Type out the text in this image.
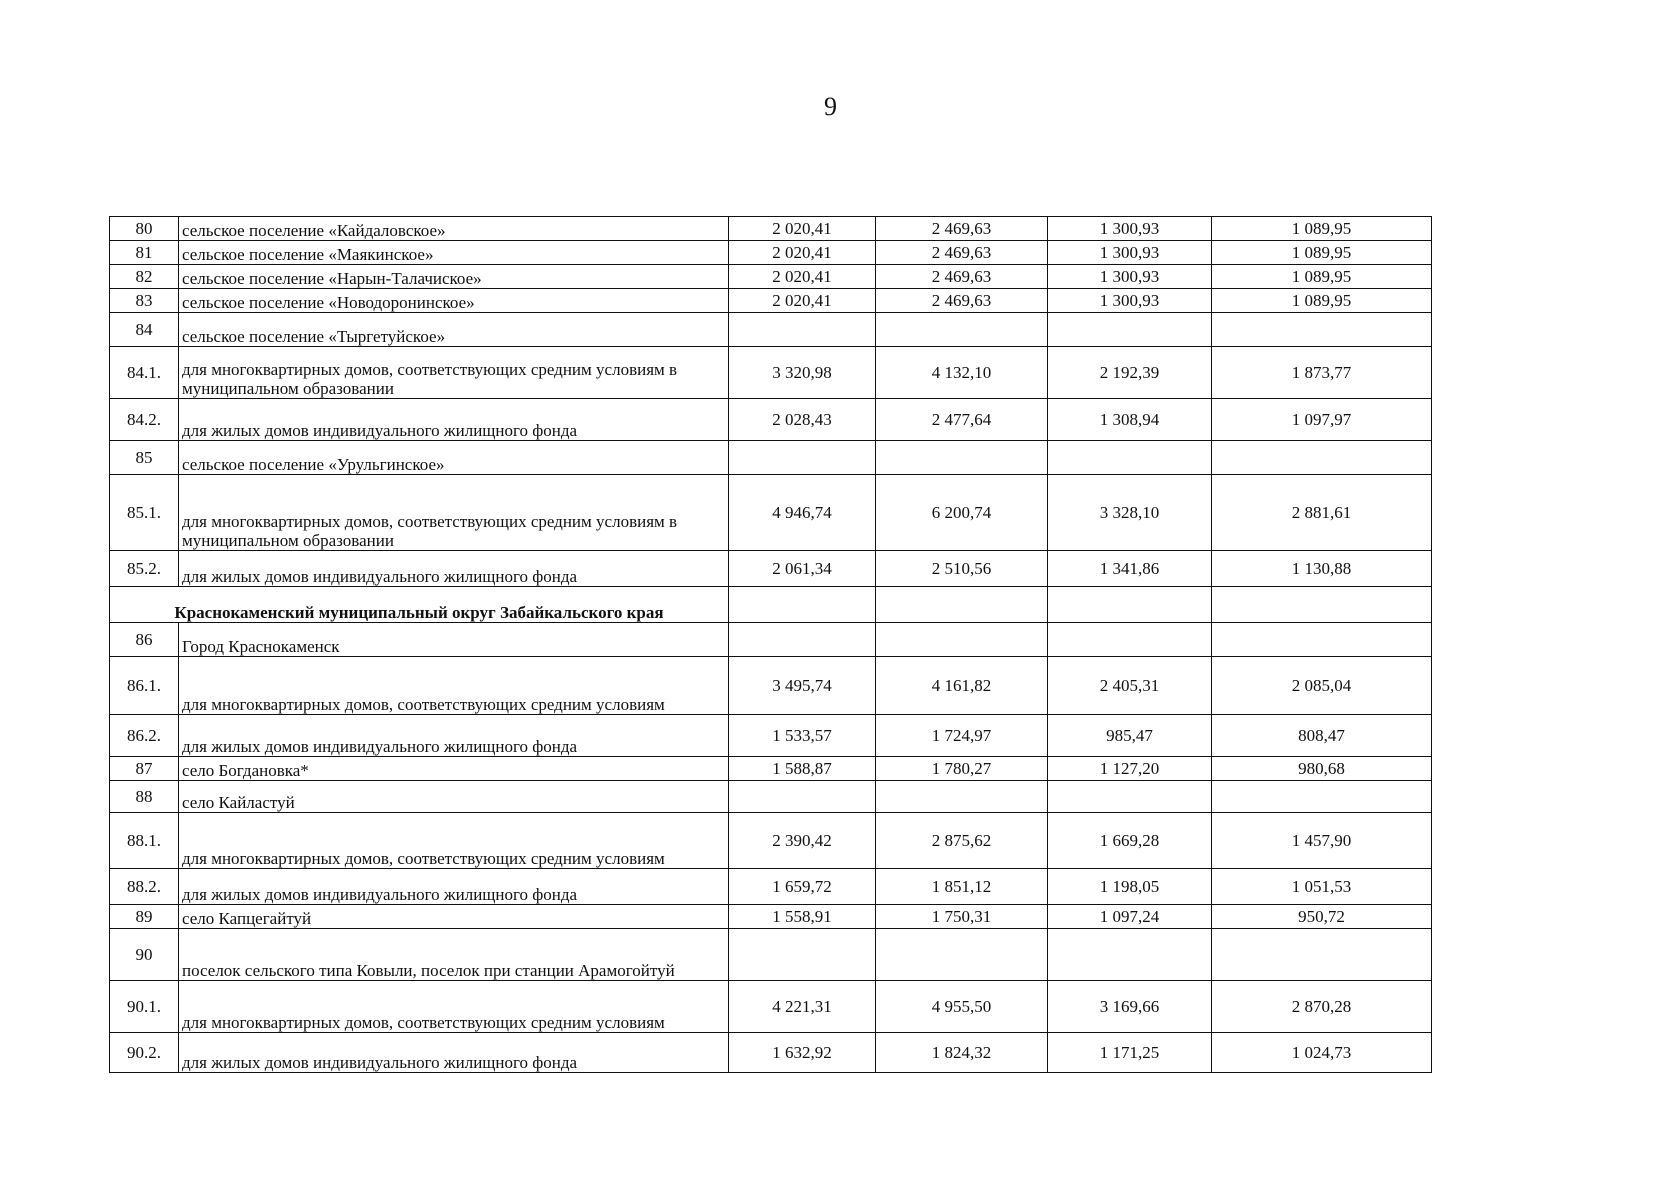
9
80	сельское поселение «Кайдаловское»	2 020,41	2 469,63	1 300,93	1 089,95
81	сельское поселение «Маякинское»	2 020,41	2 469,63	1 300,93	1 089,95
82	сельское поселение «Нарын-Талачиское»	2 020,41	2 469,63	1 300,93	1 089,95
83	сельское поселение «Новодоронинское»	2 020,41	2 469,63	1 300,93	1 089,95
84	сельское поселение «Тыргетуйское»				
84.1.	для многоквартирных домов, соответствующих средним условиям в муниципальном образовании	3 320,98	4 132,10	2 192,39	1 873,77
84.2.	для жилых домов индивидуального жилищного фонда	2 028,43	2 477,64	1 308,94	1 097,97
85	сельское поселение «Урульгинское»				
85.1.	для многоквартирных домов, соответствующих средним условиям в муниципальном образовании	4 946,74	6 200,74	3 328,10	2 881,61
85.2.	для жилых домов индивидуального жилищного фонда	2 061,34	2 510,56	1 341,86	1 130,88
Краснокаменский муниципальный округ Забайкальского края					
86	Город Краснокаменск				
86.1.	для многоквартирных домов, соответствующих средним условиям	3 495,74	4 161,82	2 405,31	2 085,04
86.2.	для жилых домов индивидуального жилищного фонда	1 533,57	1 724,97	985,47	808,47
87	село Богдановка*	1 588,87	1 780,27	1 127,20	980,68
88	село Кайластуй				
88.1.	для многоквартирных домов, соответствующих средним условиям	2 390,42	2 875,62	1 669,28	1 457,90
88.2.	для жилых домов индивидуального жилищного фонда	1 659,72	1 851,12	1 198,05	1 051,53
89	село Капцегайтуй	1 558,91	1 750,31	1 097,24	950,72
90	поселок сельского типа Ковыли, поселок при станции Арамогойтуй				
90.1.	для многоквартирных домов, соответствующих средним условиям	4 221,31	4 955,50	3 169,66	2 870,28
90.2.	для жилых домов индивидуального жилищного фонда	1 632,92	1 824,32	1 171,25	1 024,73
